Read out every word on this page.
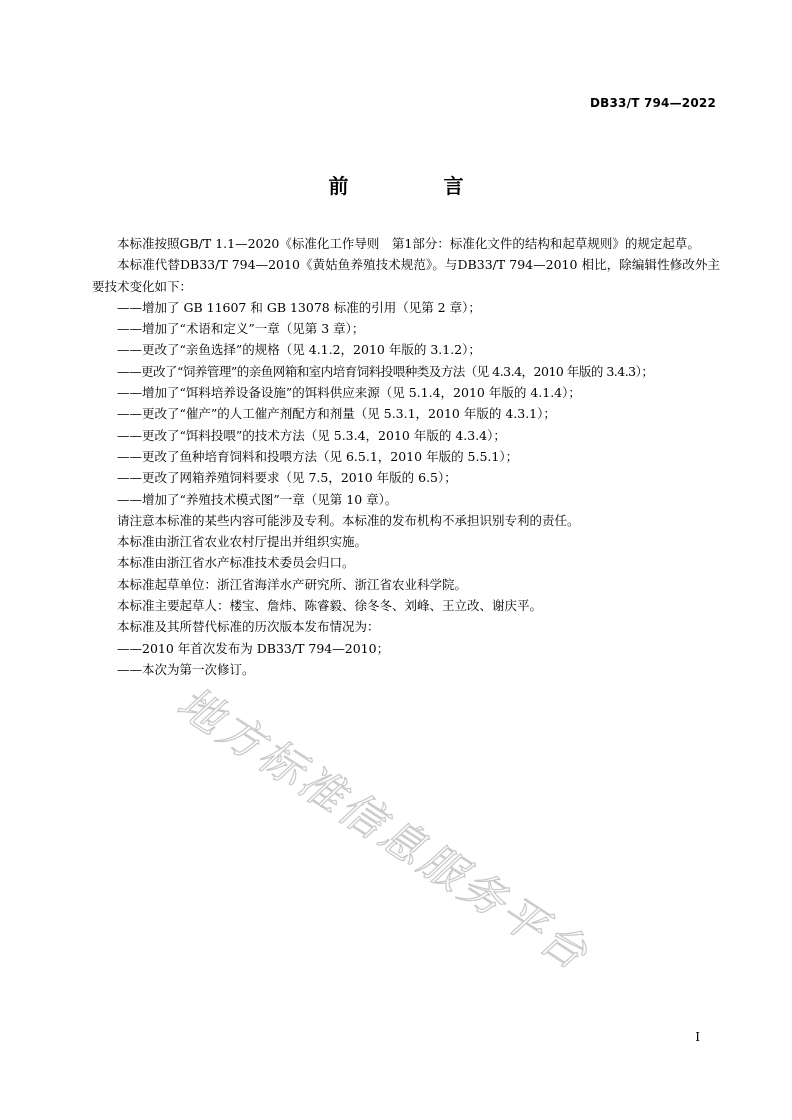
DB33/T 794—2022
前 言

本标准按照GB/T 1.1—2020《标准化工作导则　第1部分：标准化文件的结构和起草规则》的规定起草。

本标准代替DB33/T 794—2010《黄姑鱼养殖技术规范》。与DB33/T 794—2010 相比，除编辑性修改外主要技术变化如下：

——增加了 GB 11607 和 GB 13078 标准的引用（见第 2 章）；

——增加了“术语和定义”一章（见第 3 章）；

——更改了“亲鱼选择”的规格（见 4.1.2，2010 年版的 3.1.2）；

——更改了“饲养管理”的亲鱼网箱和室内培育饲料投喂种类及方法（见 4.3.4，2010 年版的 3.4.3）；

——增加了“饵料培养设备设施”的饵料供应来源（见 5.1.4，2010 年版的 4.1.4）；

——更改了“催产”的人工催产剂配方和剂量（见 5.3.1，2010 年版的 4.3.1）；

——更改了“饵料投喂”的技术方法（见 5.3.4，2010 年版的 4.3.4）；

——更改了鱼种培育饲料和投喂方法（见 6.5.1，2010 年版的 5.5.1）；

——更改了网箱养殖饲料要求（见 7.5，2010 年版的 6.5）；

——增加了“养殖技术模式图”一章（见第 10 章）。

请注意本标准的某些内容可能涉及专利。本标准的发布机构不承担识别专利的责任。

本标准由浙江省农业农村厅提出并组织实施。

本标准由浙江省水产标准技术委员会归口。

本标准起草单位：浙江省海洋水产研究所、浙江省农业科学院。

本标准主要起草人：楼宝、詹炜、陈睿毅、徐冬冬、刘峰、王立改、谢庆平。

本标准及其所替代标准的历次版本发布情况为：

——2010 年首次发布为 DB33/T 794—2010；

——本次为第一次修订。

地方标准信息服务平台
I
